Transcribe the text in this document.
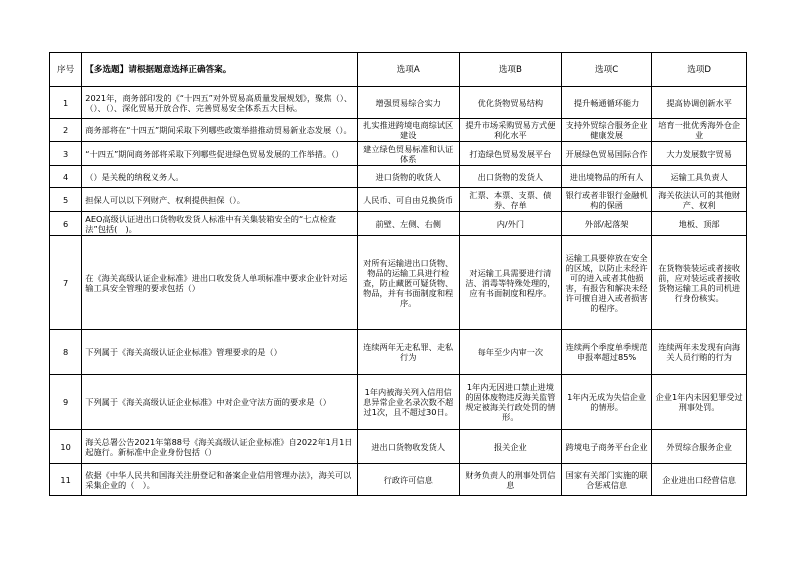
序号	【多选题】请根据题意选择正确答案。	选项A	选项B	选项C	选项D
1	2021年，商务部印发的《“十四五”对外贸易高质量发展规划》，聚焦（）、（）、（）、深化贸易开放合作、完善贸易安全体系五大目标。	增强贸易综合实力	优化货物贸易结构	提升畅通循环能力	提高协调创新水平
2	商务部将在“十四五”期间采取下列哪些政策举措推动贸易新业态发展（）。	扎实推进跨境电商综试区建设	提升市场采购贸易方式便利化水平	支持外贸综合服务企业健康发展	培育一批优秀海外仓企业
3	“十四五”期间商务部将采取下列哪些促进绿色贸易发展的工作举措。（）	建立绿色贸易标准和认证体系	打造绿色贸易发展平台	开展绿色贸易国际合作	大力发展数字贸易
4	（）是关税的纳税义务人。	进口货物的收货人	出口货物的发货人	进出境物品的所有人	运输工具负责人
5	担保人可以以下列财产、权利提供担保（）。	人民币、可自由兑换货币	汇票、本票、支票、债券、存单	银行或者非银行金融机构的保函	海关依法认可的其他财产、权利
6	AEO高级认证进出口货物收发货人标准中有关集装箱安全的“七点检查法”包括(　)。	前壁、左侧、右侧	内/外门	外部/起落架	地板、顶部
7	在《海关高级认证企业标准》进出口收发货人单项标准中要求企业针对运输工具安全管理的要求包括（）	对所有运输进出口货物、物品的运输工具进行检查，防止藏匿可疑货物、物品，并有书面制度和程序。	对运输工具需要进行清洁、消毒等特殊处理的，应有书面制度和程序。	运输工具要停放在安全的区域，以防止未经许可的进入或者其他损害，有报告和解决未经许可擅自进入或者损害的程序。	在货物装装运或者接收前，应对装运或者接收货物运输工具的司机进行身份核实。
8	下列属于《海关高级认证企业标准》管理要求的是（）	连续两年无走私罪、走私行为	每年至少内审一次	连续两个季度单季规范申报率超过85%	连续两年未发现有向海关人员行贿的行为
9	下列属于《海关高级认证企业标准》中对企业守法方面的要求是（）	1年内被海关列入信用信息异常企业名录次数不超过1次，且不超过30日。	1年内无因进口禁止进境的固体废物违反海关监管规定被海关行政处罚的情形。	1年内无成为失信企业的情形。	企业1年内未因犯罪受过刑事处罚。
10	海关总署公告2021年第88号《海关高级认证企业标准》自2022年1月1日起施行。新标准中企业身份包括（）	进出口货物收发货人	报关企业	跨境电子商务平台企业	外贸综合服务企业
11	依据《中华人民共和国海关注册登记和备案企业信用管理办法》，海关可以采集企业的（　）。	行政许可信息	财务负责人的刑事处罚信息	国家有关部门实施的联合惩戒信息	企业进出口经营信息
